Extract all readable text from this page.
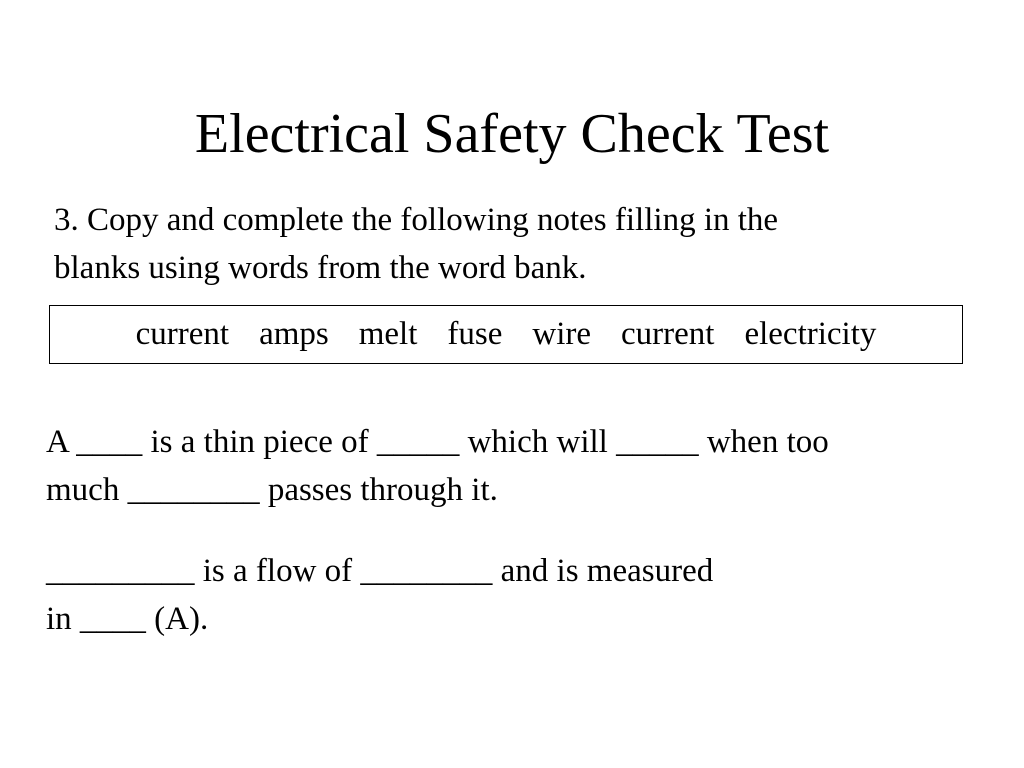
Electrical Safety Check Test

3. Copy and complete the following notes filling in the
blanks using words from the word bank.

current amps melt fuse wire current electricity

A ____ is a thin piece of _____ which will _____ when too
much ________ passes through it.

_________ is a flow of ________ and is measured
in ____ (A).
